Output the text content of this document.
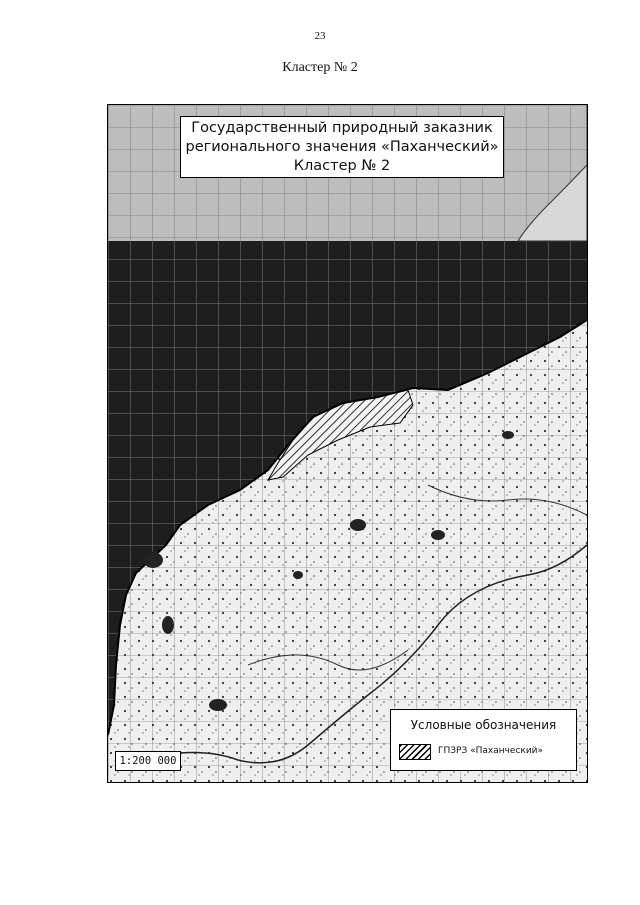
23
Кластер № 2
Государственный природный заказник
регионального значения «Паханческий»
Кластер № 2
1:200 000
Условные обозначения
ГПЗРЗ «Паханческий»
